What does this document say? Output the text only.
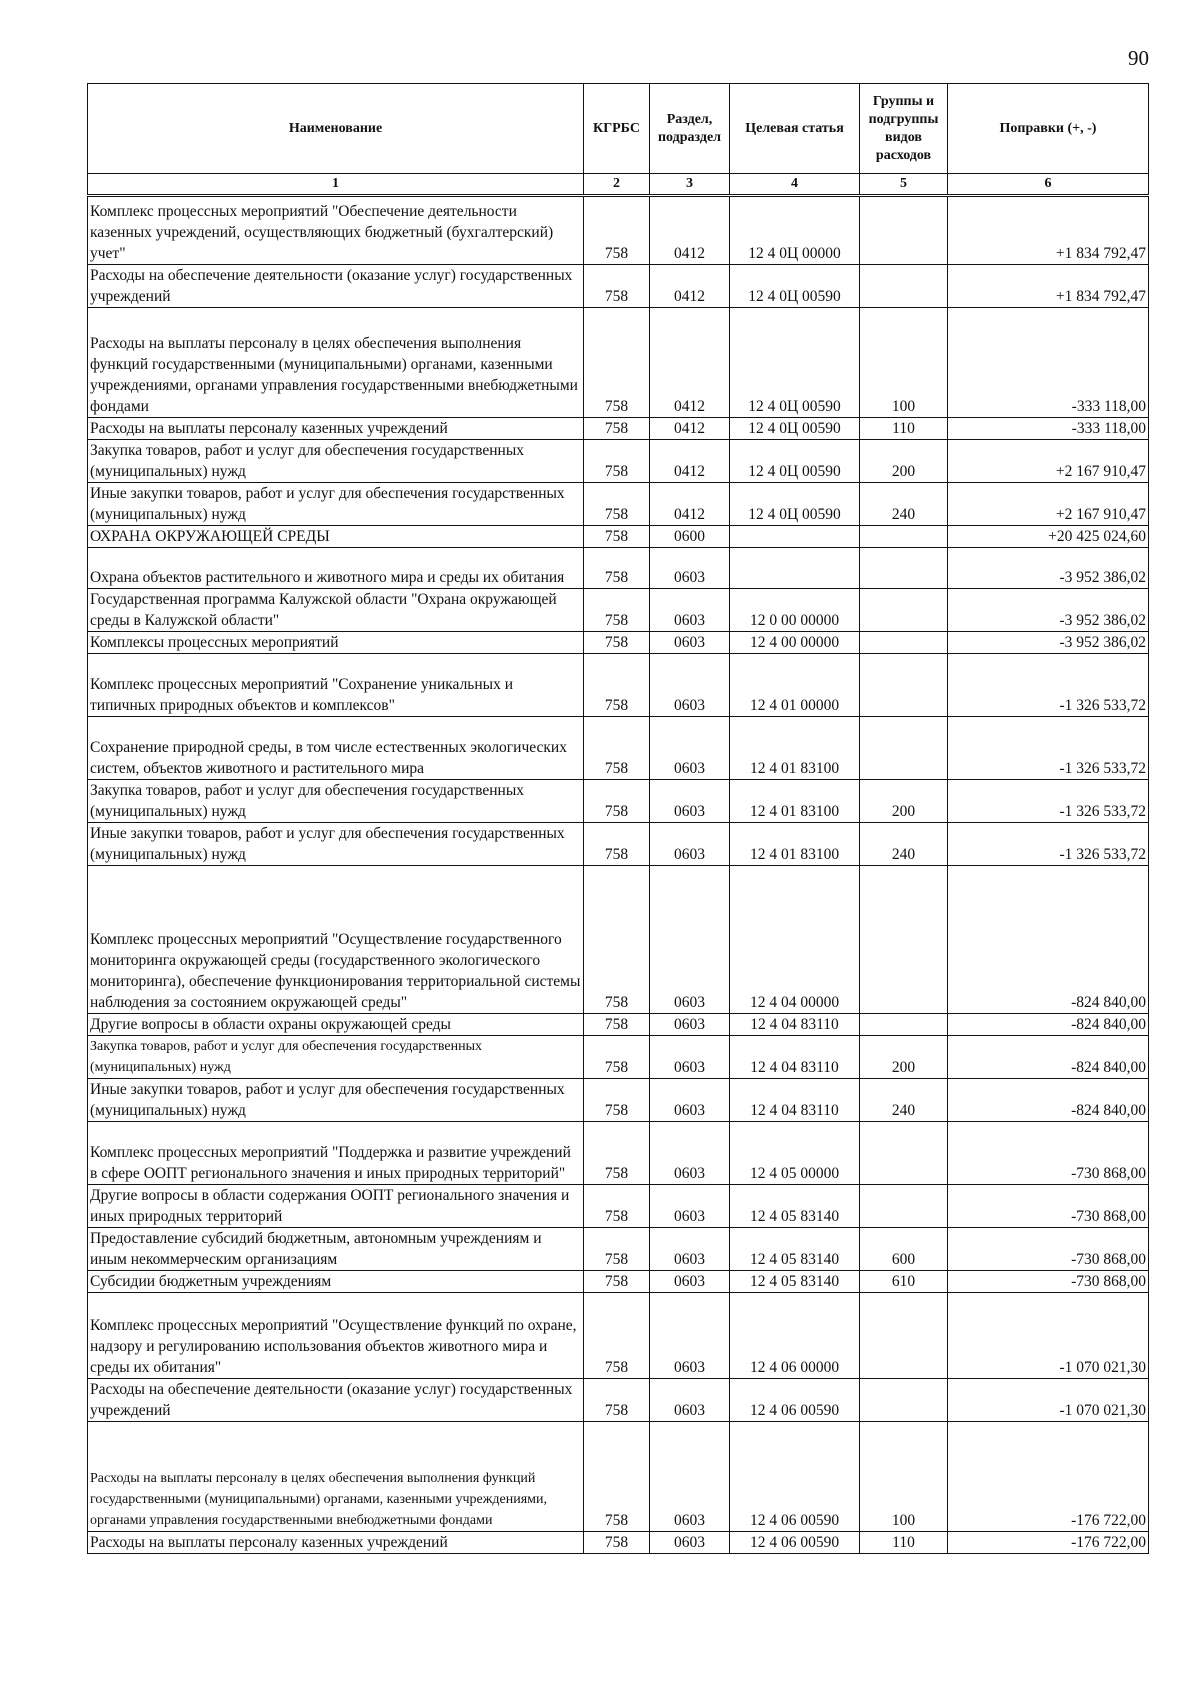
90
Наименование	КГРБС	Раздел, подраздел	Целевая статья	Группы и подгруппы видов расходов	Поправки (+, -)
1	2	3	4	5	6
Комплекс процессных мероприятий "Обеспечение деятельности казенных учреждений, осуществляющих бюджетный (бухгалтерский) учет"	758	0412	12 4 0Ц 00000		+1 834 792,47
Расходы на обеспечение деятельности (оказание услуг) государственных учреждений	758	0412	12 4 0Ц 00590		+1 834 792,47
Расходы на выплаты персоналу в целях обеспечения выполнения функций государственными (муниципальными) органами, казенными учреждениями, органами управления государственными внебюджетными фондами	758	0412	12 4 0Ц 00590	100	-333 118,00
Расходы на выплаты персоналу казенных учреждений	758	0412	12 4 0Ц 00590	110	-333 118,00
Закупка товаров, работ и услуг для обеспечения государственных (муниципальных) нужд	758	0412	12 4 0Ц 00590	200	+2 167 910,47
Иные закупки товаров, работ и услуг для обеспечения государственных (муниципальных) нужд	758	0412	12 4 0Ц 00590	240	+2 167 910,47
ОХРАНА ОКРУЖАЮЩЕЙ СРЕДЫ	758	0600			+20 425 024,60
Охрана объектов растительного и животного мира и среды их обитания	758	0603			-3 952 386,02
Государственная программа Калужской области "Охрана окружающей среды в Калужской области"	758	0603	12 0 00 00000		-3 952 386,02
Комплексы процессных мероприятий	758	0603	12 4 00 00000		-3 952 386,02
Комплекс процессных мероприятий "Сохранение уникальных и типичных природных объектов и комплексов"	758	0603	12 4 01 00000		-1 326 533,72
Сохранение природной среды, в том числе естественных экологических систем, объектов животного и растительного мира	758	0603	12 4 01 83100		-1 326 533,72
Закупка товаров, работ и услуг для обеспечения государственных (муниципальных) нужд	758	0603	12 4 01 83100	200	-1 326 533,72
Иные закупки товаров, работ и услуг для обеспечения государственных (муниципальных) нужд	758	0603	12 4 01 83100	240	-1 326 533,72
Комплекс процессных мероприятий "Осуществление государственного мониторинга окружающей среды (государственного экологического мониторинга), обеспечение функционирования территориальной системы наблюдения за состоянием окружающей среды"	758	0603	12 4 04 00000		-824 840,00
Другие вопросы в области охраны окружающей среды	758	0603	12 4 04 83110		-824 840,00
Закупка товаров, работ и услуг для обеспечения государственных (муниципальных) нужд	758	0603	12 4 04 83110	200	-824 840,00
Иные закупки товаров, работ и услуг для обеспечения государственных (муниципальных) нужд	758	0603	12 4 04 83110	240	-824 840,00
Комплекс процессных мероприятий "Поддержка и развитие учреждений в сфере ООПТ регионального значения и иных природных территорий"	758	0603	12 4 05 00000		-730 868,00
Другие вопросы в области содержания ООПТ регионального значения и иных природных территорий	758	0603	12 4 05 83140		-730 868,00
Предоставление субсидий бюджетным, автономным учреждениям и иным некоммерческим организациям	758	0603	12 4 05 83140	600	-730 868,00
Субсидии бюджетным учреждениям	758	0603	12 4 05 83140	610	-730 868,00
Комплекс процессных мероприятий "Осуществление функций по охране, надзору и регулированию использования объектов животного мира и среды их обитания"	758	0603	12 4 06 00000		-1 070 021,30
Расходы на обеспечение деятельности (оказание услуг) государственных учреждений	758	0603	12 4 06 00590		-1 070 021,30
Расходы на выплаты персоналу в целях обеспечения выполнения функций государственными (муниципальными) органами, казенными учреждениями, органами управления государственными внебюджетными фондами	758	0603	12 4 06 00590	100	-176 722,00
Расходы на выплаты персоналу казенных учреждений	758	0603	12 4 06 00590	110	-176 722,00
